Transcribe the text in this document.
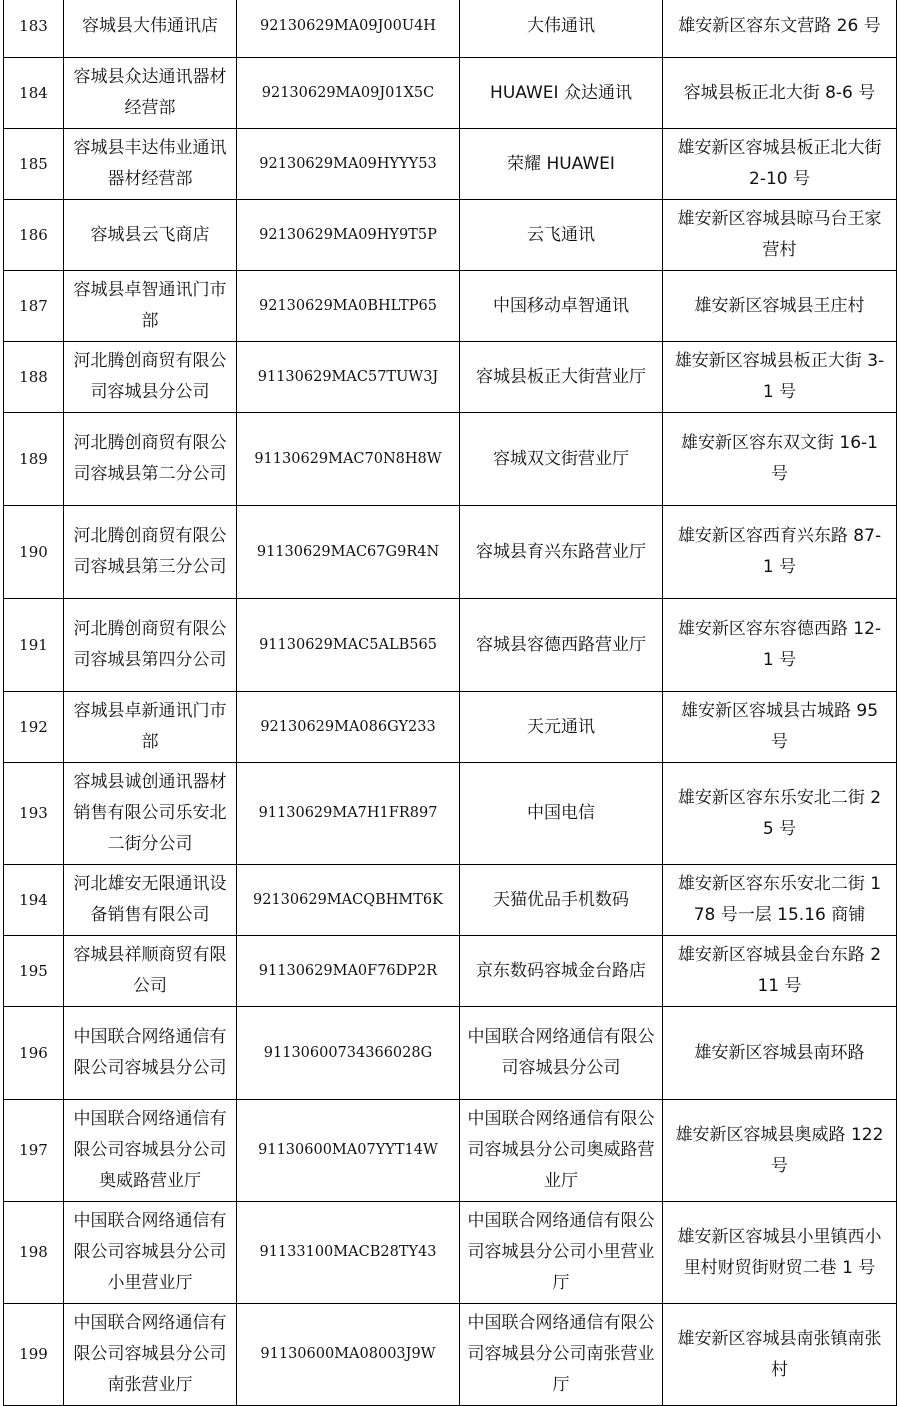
183	容城县大伟通讯店	92130629MA09J00U4H	大伟通讯	雄安新区容东文营路 26 号
184	容城县众达通讯器材经营部	92130629MA09J01X5C	HUAWEI 众达通讯	容城县板正北大街 8-6 号
185	容城县丰达伟业通讯器材经营部	92130629MA09HYYY53	荣耀 HUAWEI	雄安新区容城县板正北大街 2-10 号
186	容城县云飞商店	92130629MA09HY9T5P	云飞通讯	雄安新区容城县晾马台王家营村
187	容城县卓智通讯门市部	92130629MA0BHLTP65	中国移动卓智通讯	雄安新区容城县王庄村
188	河北腾创商贸有限公司容城县分公司	91130629MAC57TUW3J	容城县板正大街营业厅	雄安新区容城县板正大街 3-1 号
189	河北腾创商贸有限公司容城县第二分公司	91130629MAC70N8H8W	容城双文街营业厅	雄安新区容东双文街 16-1 号
190	河北腾创商贸有限公司容城县第三分公司	91130629MAC67G9R4N	容城县育兴东路营业厅	雄安新区容西育兴东路 87-1 号
191	河北腾创商贸有限公司容城县第四分公司	91130629MAC5ALB565	容城县容德西路营业厅	雄安新区容东容德西路 12-1 号
192	容城县卓新通讯门市部	92130629MA086GY233	天元通讯	雄安新区容城县古城路 95 号
193	容城县诚创通讯器材销售有限公司乐安北二街分公司	91130629MA7H1FR897	中国电信	雄安新区容东乐安北二街 25 号
194	河北雄安无限通讯设备销售有限公司	92130629MACQBHMT6K	天猫优品手机数码	雄安新区容东乐安北二街 178 号一层 15.16 商铺
195	容城县祥顺商贸有限公司	91130629MA0F76DP2R	京东数码容城金台路店	雄安新区容城县金台东路 211 号
196	中国联合网络通信有限公司容城县分公司	91130600734366028G	中国联合网络通信有限公司容城县分公司	雄安新区容城县南环路
197	中国联合网络通信有限公司容城县分公司奥威路营业厅	91130600MA07YYT14W	中国联合网络通信有限公司容城县分公司奥威路营业厅	雄安新区容城县奥威路 122 号
198	中国联合网络通信有限公司容城县分公司小里营业厅	91133100MACB28TY43	中国联合网络通信有限公司容城县分公司小里营业厅	雄安新区容城县小里镇西小里村财贸街财贸二巷 1 号
199	中国联合网络通信有限公司容城县分公司南张营业厅	91130600MA08003J9W	中国联合网络通信有限公司容城县分公司南张营业厅	雄安新区容城县南张镇南张村
